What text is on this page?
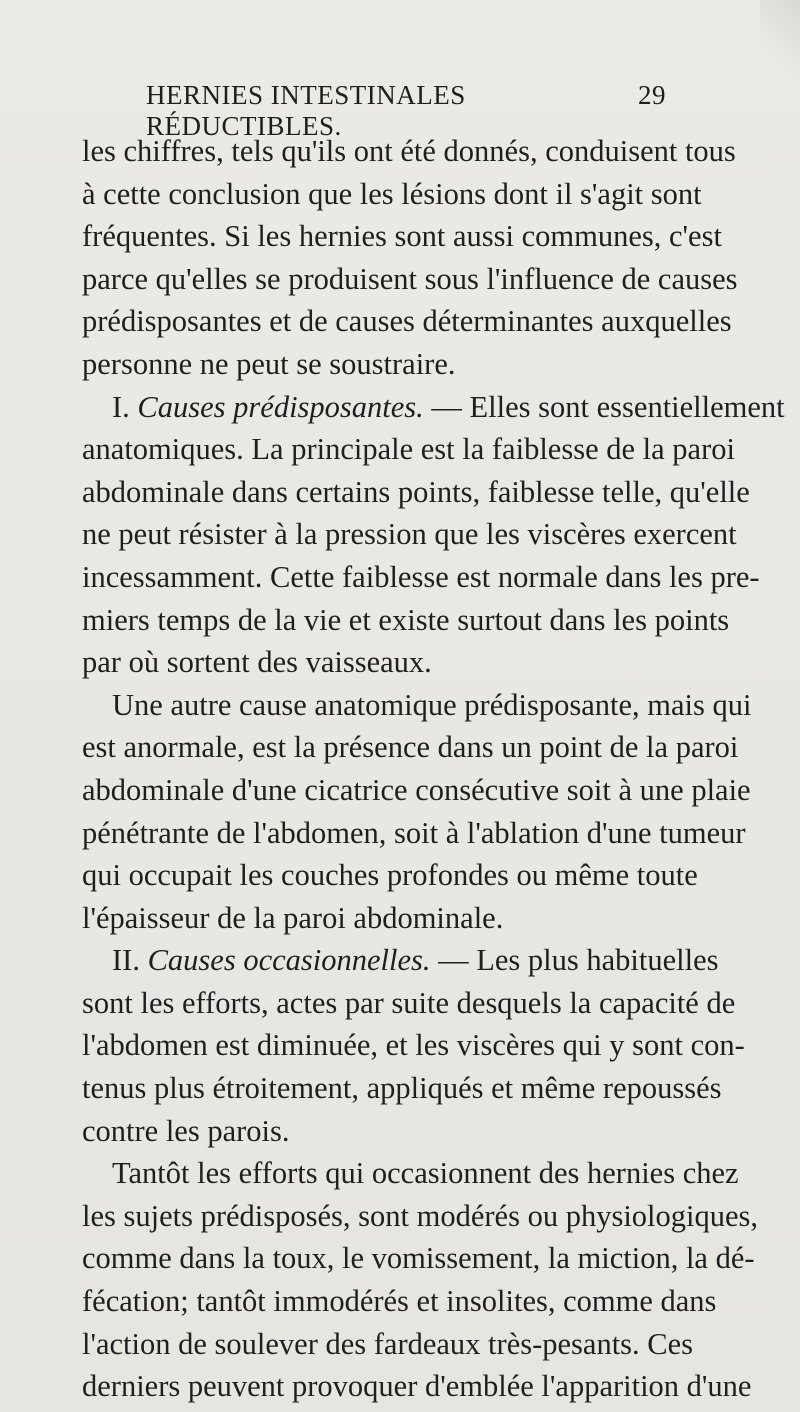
HERNIES INTESTINALES RÉDUCTIBLES.
29
les chiffres, tels qu'ils ont été donnés, conduisent tous
à cette conclusion que les lésions dont il s'agit sont
fréquentes. Si les hernies sont aussi communes, c'est
parce qu'elles se produisent sous l'influence de causes
prédisposantes et de causes déterminantes auxquelles
personne ne peut se soustraire.
I. Causes prédisposantes. — Elles sont essentiellement
anatomiques. La principale est la faiblesse de la paroi
abdominale dans certains points, faiblesse telle, qu'elle
ne peut résister à la pression que les viscères exercent
incessamment. Cette faiblesse est normale dans les pre-
miers temps de la vie et existe surtout dans les points
par où sortent des vaisseaux.
Une autre cause anatomique prédisposante, mais qui
est anormale, est la présence dans un point de la paroi
abdominale d'une cicatrice consécutive soit à une plaie
pénétrante de l'abdomen, soit à l'ablation d'une tumeur
qui occupait les couches profondes ou même toute
l'épaisseur de la paroi abdominale.
II. Causes occasionnelles. — Les plus habituelles
sont les efforts, actes par suite desquels la capacité de
l'abdomen est diminuée, et les viscères qui y sont con-
tenus plus étroitement, appliqués et même repoussés
contre les parois.
Tantôt les efforts qui occasionnent des hernies chez
les sujets prédisposés, sont modérés ou physiologiques,
comme dans la toux, le vomissement, la miction, la dé-
fécation; tantôt immodérés et insolites, comme dans
l'action de soulever des fardeaux très-pesants. Ces
derniers peuvent provoquer d'emblée l'apparition d'une
